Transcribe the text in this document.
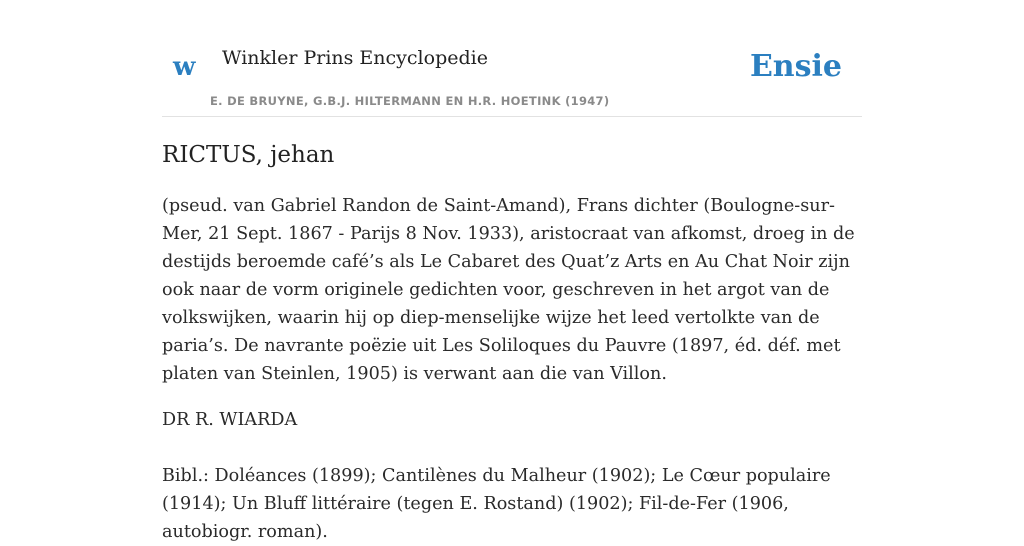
w Winkler Prins Encyclopedie	Ensie
E. DE BRUYNE, G.B.J. HILTERMANN EN H.R. HOETINK (1947)
RICTUS, jehan

(pseud. van Gabriel Randon de Saint-Amand), Frans dichter (Boulogne-sur-Mer, 21 Sept. 1867 - Parijs 8 Nov. 1933), aristocraat van afkomst, droeg in de destijds beroemde café’s als Le Cabaret des Quat’z Arts en Au Chat Noir zijn ook naar de vorm originele gedichten voor, geschreven in het argot van de volkswijken, waarin hij op diep-menselijke wijze het leed vertolkte van de paria’s. De navrante poëzie uit Les Soliloques du Pauvre (1897, éd. déf. met platen van Steinlen, 1905) is verwant aan die van Villon.

DR R. WIARDA

Bibl.: Doléances (1899); Cantilènes du Malheur (1902); Le Cœur populaire (1914); Un Bluff littéraire (tegen E. Rostand) (1902); Fil-de-Fer (1906, autobiogr. roman).
